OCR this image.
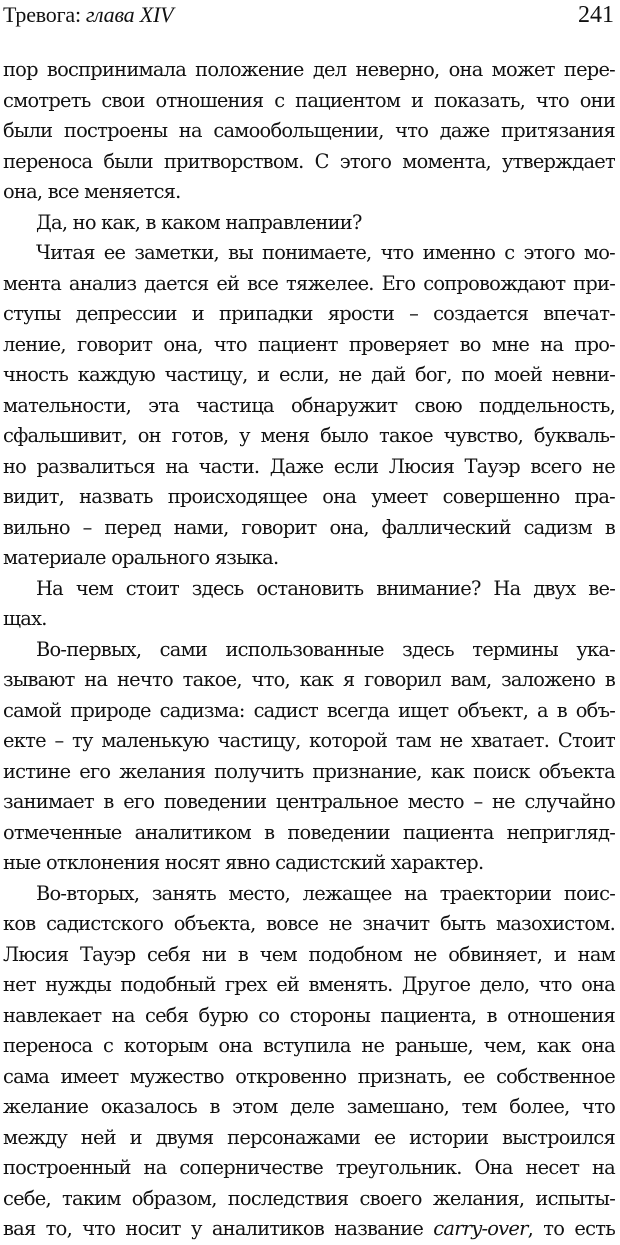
Тревога: глава XIV	241
пор воспринимала положение дел неверно, она может пере-
смотреть свои отношения с пациентом и показать, что они
были построены на самообольщении, что даже притязания
переноса были притворством. С этого момента, утверждает
она, все меняется.
Да, но как, в каком направлении?
Читая ее заметки, вы понимаете, что именно с этого мо-
мента анализ дается ей все тяжелее. Его сопровождают при-
ступы депрессии и припадки ярости – создается впечат-
ление, говорит она, что пациент проверяет во мне на про-
чность каждую частицу, и если, не дай бог, по моей невни-
мательности, эта частица обнаружит свою поддельность,
сфальшивит, он готов, у меня было такое чувство, букваль-
но развалиться на части. Даже если Люсия Тауэр всего не
видит, назвать происходящее она умеет совершенно пра-
вильно – перед нами, говорит она, фаллический садизм в
материале орального языка.
На чем стоит здесь остановить внимание? На двух ве-
щах.
Во-первых, сами использованные здесь термины ука-
зывают на нечто такое, что, как я говорил вам, заложено в
самой природе садизма: садист всегда ищет объект, а в объ-
екте – ту маленькую частицу, которой там не хватает. Стоит
истине его желания получить признание, как поиск объекта
занимает в его поведении центральное место – не случайно
отмеченные аналитиком в поведении пациента непригляд-
ные отклонения носят явно садистский характер.
Во-вторых, занять место, лежащее на траектории поис-
ков садистского объекта, вовсе не значит быть мазохистом.
Люсия Тауэр себя ни в чем подобном не обвиняет, и нам
нет нужды подобный грех ей вменять. Другое дело, что она
навлекает на себя бурю со стороны пациента, в отношения
переноса с которым она вступила не раньше, чем, как она
сама имеет мужество откровенно признать, ее собственное
желание оказалось в этом деле замешано, тем более, что
между ней и двумя персонажами ее истории выстроился
построенный на соперничестве треугольник. Она несет на
себе, таким образом, последствия своего желания, испыты-
вая то, что носит у аналитиков название carry-over, то есть
